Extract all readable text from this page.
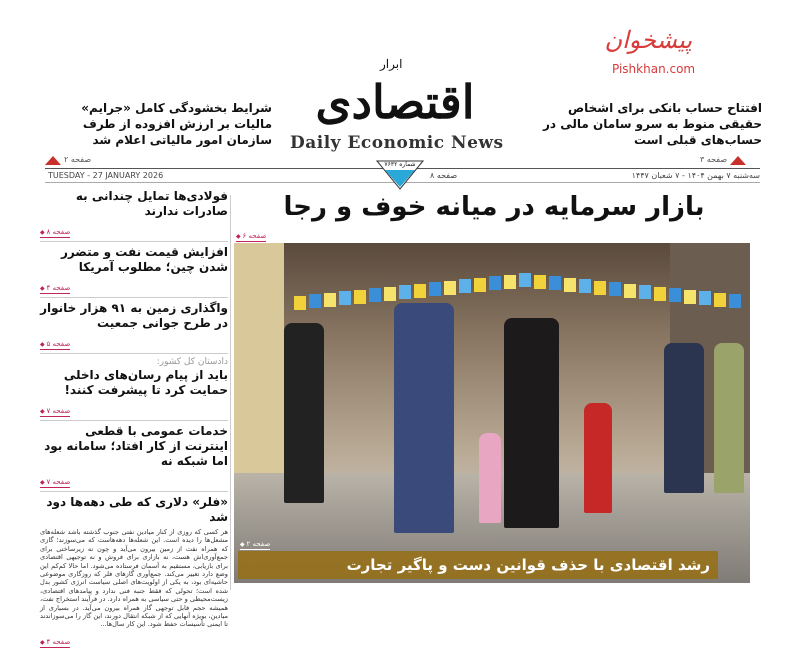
پیشخوان
Pishkhan.com
ابرار
اقتصادی
Daily Economic News
افتتاح حساب بانکی برای اشخاص حقیقی منوط به سرو سامان مالی در حساب‌های قبلی است
صفحه ۳
شرایط بخشودگی کامل «جرایم» مالیات بر ارزش افزوده از طرف سازمان امور مالیاتی اعلام شد
صفحه ۲
TUESDAY - 27 JANUARY 2026	سه‌شنبه ۷ بهمن ۱۴۰۴ - ۷ شعبان ۱۴۴۷
۸ صفحه
شماره ۷۶۳۲
فولادی‌ها تمایل چندانی به صادرات ندارند
◆ صفحه ۸
افزایش قیمت نفت و متضرر شدن چین؛ مطلوب آمریکا
◆ صفحه ۴
واگذاری زمین به ۹۱ هزار خانوار در طرح جوانی جمعیت
◆ صفحه ۵
دادستان کل کشور:
باید از پیام رسان‌های داخلی حمایت کرد تا پیشرفت کنند!
◆ صفحه ۷
خدمات عمومی با قطعی اینترنت از کار افتاد؛ سامانه بود اما شبکه نه
◆ صفحه ۷
«فلر» دلاری که طی دهه‌ها دود شد

هر کسی که روزی از کنار میادین نفتی جنوب گذشته باشد شعله‌های مشعل‌ها را دیده است. این شعله‌ها دهه‌هاست که می‌سوزند؛ گازی که همراه نفت از زمین بیرون می‌آید و چون نه زیرساختی برای جمع‌آوری‌اش هست، نه بازاری برای فروش و نه توجیهی اقتصادی برای بازیابی، مستقیم به آسمان فرستاده می‌شود. اما حالا کم‌کم این وضع دارد تغییر می‌کند. جمع‌آوری گازهای فلر که روزگاری موضوعی حاشیه‌ای بود، به یکی از اولویت‌های اصلی سیاست انرژی کشور بدل شده است؛ تحولی که فقط جنبه فنی ندارد و پیامدهای اقتصادی، زیست‌محیطی و حتی سیاسی به همراه دارد. در فرآیند استخراج نفت، همیشه حجم قابل توجهی گاز همراه بیرون می‌آید. در بسیاری از میادین، بویژه آنهایی که از شبکه انتقال دورند، این گاز را می‌سوزاندند تا ایمنی تأسیسات حفظ شود. این کار سال‌ها...

◆ صفحه ۴
بازار سرمایه در میانه خوف و رجا
◆ صفحه ۶
رشد اقتصادی با حذف قوانین دست و پاگیر تجارت
◆ صفحه ۲
